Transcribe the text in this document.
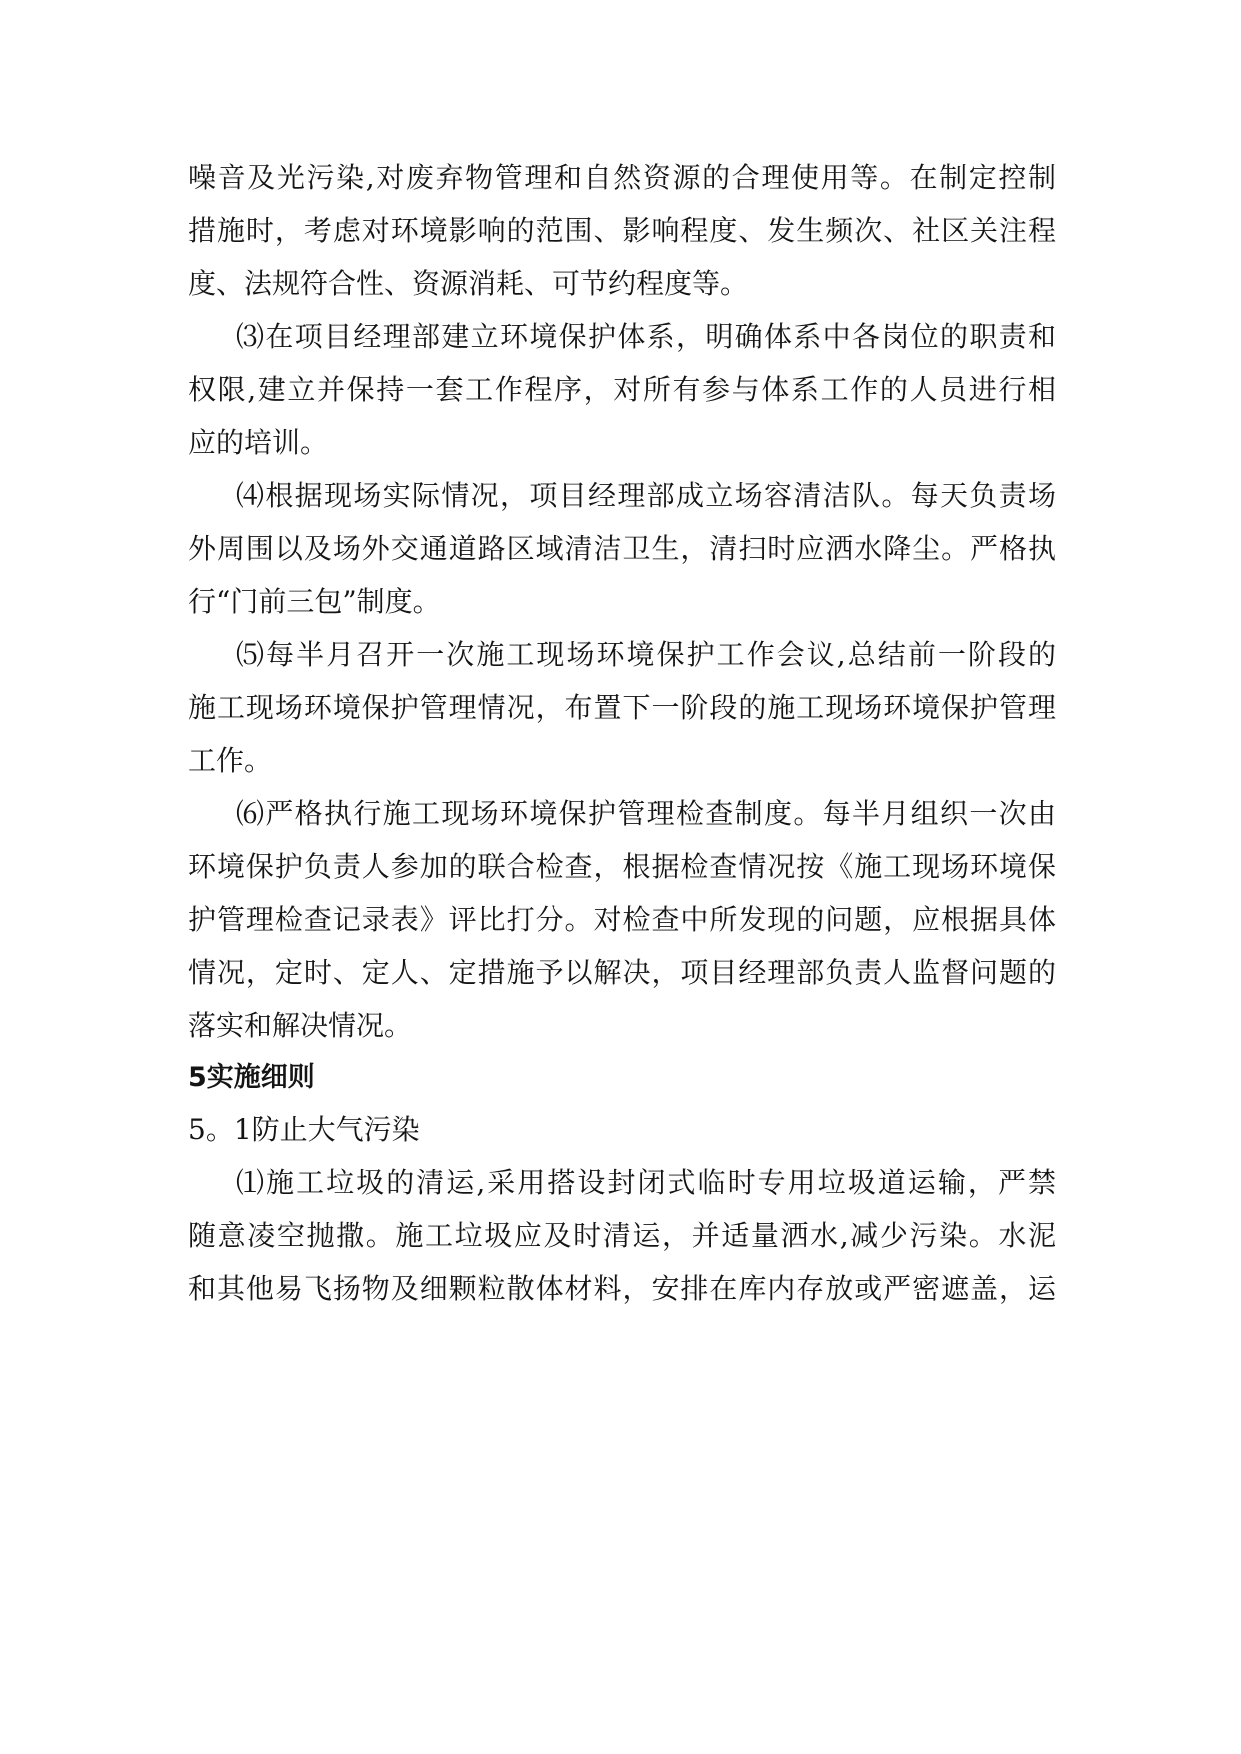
噪音及光污染,对废弃物管理和自然资源的合理使用等。在制定控制
措施时，考虑对环境影响的范围、影响程度、发生频次、社区关注程
度、法规符合性、资源消耗、可节约程度等。
⑶在项目经理部建立环境保护体系，明确体系中各岗位的职责和
权限,建立并保持一套工作程序，对所有参与体系工作的人员进行相
应的培训。
⑷根据现场实际情况，项目经理部成立场容清洁队。每天负责场
外周围以及场外交通道路区域清洁卫生，清扫时应洒水降尘。严格执
行“门前三包”制度。
⑸每半月召开一次施工现场环境保护工作会议,总结前一阶段的
施工现场环境保护管理情况，布置下一阶段的施工现场环境保护管理
工作。
⑹严格执行施工现场环境保护管理检查制度。每半月组织一次由
环境保护负责人参加的联合检查，根据检查情况按《施工现场环境保
护管理检查记录表》评比打分。对检查中所发现的问题，应根据具体
情况，定时、定人、定措施予以解决，项目经理部负责人监督问题的
落实和解决情况。
5实施细则
5。1防止大气污染
⑴施工垃圾的清运,采用搭设封闭式临时专用垃圾道运输，严禁
随意凌空抛撒。施工垃圾应及时清运，并适量洒水,减少污染。水泥
和其他易飞扬物及细颗粒散体材料，安排在库内存放或严密遮盖，运
